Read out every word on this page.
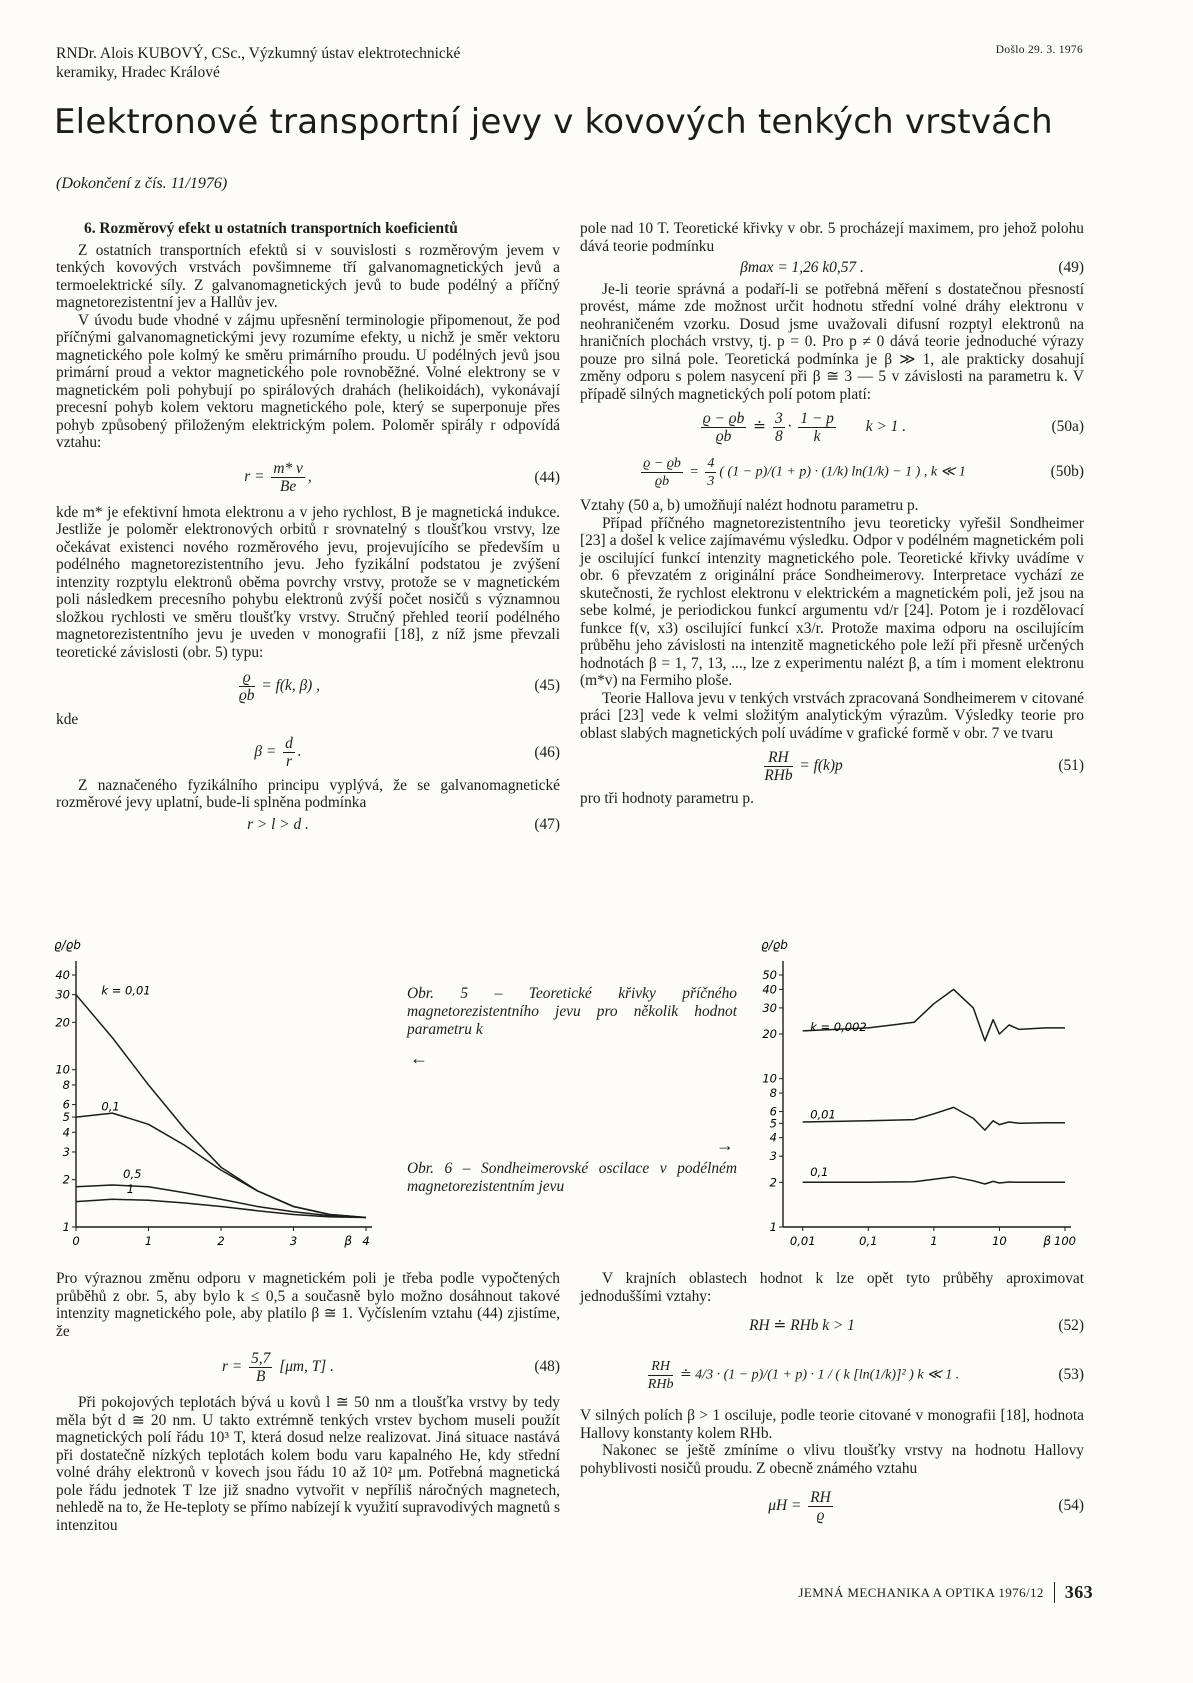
RNDr. Alois KUBOVÝ, CSc., Výzkumný ústav elektrotechnické
keramiky, Hradec Králové
Došlo 29. 3. 1976
Elektronové transportní jevy v kovových tenkých vrstvách
(Dokončení z čís. 11/1976)
6. Rozměrový efekt u ostatních transportních koeficientů

Z ostatních transportních efektů si v souvislosti s rozměrovým jevem v tenkých kovových vrstvách povšimneme tří galvanomagnetických jevů a termoelektrické síly. Z galvanomagnetických jevů to bude podélný a příčný magnetorezistentní jev a Hallův jev.

V úvodu bude vhodné v zájmu upřesnění terminologie připomenout, že pod příčnými galvanomagnetickými jevy rozumíme efekty, u nichž je směr vektoru magnetického pole kolmý ke směru primárního proudu. U podélných jevů jsou primární proud a vektor magnetického pole rovnoběžné. Volné elektrony se v magnetickém poli pohybují po spirálových drahách (helikoidách), vykonávají precesní pohyb kolem vektoru magnetického pole, který se superponuje přes pohyb způsobený přiloženým elektrickým polem. Poloměr spirály r odpovídá vztahu:

$r = \frac{m* v}{Be}$ ,	(44)

kde m* je efektivní hmota elektronu a v jeho rychlost, B je magnetická indukce. Jestliže je poloměr elektronových orbitů r srovnatelný s tloušťkou vrstvy, lze očekávat existenci nového rozměrového jevu, projevujícího se především u podélného magnetorezistentního jevu. Jeho fyzikální podstatou je zvýšení intenzity rozptylu elektronů oběma povrchy vrstvy, protože se v magnetickém poli následkem precesního pohybu elektronů zvýší počet nosičů s významnou složkou rychlosti ve směru tloušťky vrstvy. Stručný přehled teorií podélného magnetorezistentního jevu je uveden v monografii [18], z níž jsme převzali teoretické závislosti (obr. 5) typu:

$\frac{ϱ}{ϱb} = f(k$, β) ,	(45)

kde

$\beta = \frac{d}{r}$ .	(46)

Z naznačeného fyzikálního principu vyplývá, že se galvanomagnetické rozměrové jevy uplatní, bude-li splněna podmínka

r > l > d .	(47)

pole nad 10 T. Teoretické křivky v obr. 5 procházejí maximem, pro jehož polohu dává teorie podmínku

βmax = 1,26 k0,57 .	(49)

Je-li teorie správná a podaří-li se potřebná měření s dostatečnou přesností provést, máme zde možnost určit hodnotu střední volné dráhy elektronu v neohraničeném vzorku. Dosud jsme uvažovali difusní rozptyl elektronů na hraničních plochách vrstvy, tj. p = 0. Pro p ≠ 0 dává teorie jednoduché výrazy pouze pro silná pole. Teoretická podmínka je β ≫ 1, ale prakticky dosahují změny odporu s polem nasycení při β ≅ 3 — 5 v závislosti na parametru k. V případě silných magnetických polí potom platí:

$\frac{ϱ - ϱb}{ϱb}$ ≐ $\frac{3}{8} \cdot \frac{1 - p}{k}$ k > 1 .	(50a)
$\frac{ϱ - ϱb}{ϱb} = \frac{4}{3}$ ( (1 − p)/(1 + p) · (1/k) ln(1/k) − 1 ) , k ≪ 1	(50b)

Vztahy (50 a, b) umožňují nalézt hodnotu parametru p.

Případ příčného magnetorezistentního jevu teoreticky vyřešil Sondheimer [23] a došel k velice zajímavému výsledku. Odpor v podélném magnetickém poli je oscilující funkcí intenzity magnetického pole. Teoretické křivky uvádíme v obr. 6 převzatém z originální práce Sondheimerovy. Interpretace vychází ze skutečnosti, že rychlost elektronu v elektrickém a magnetickém poli, jež jsou na sebe kolmé, je periodickou funkcí argumentu vd/r [24]. Potom je i rozdělovací funkce f(v, x3) oscilující funkcí x3/r. Protože maxima odporu na oscilujícím průběhu jeho závislosti na intenzitě magnetického pole leží při přesně určených hodnotách β = 1, 7, 13, ..., lze z experimentu nalézt β, a tím i moment elektronu (m*v) na Fermiho ploše.

Teorie Hallova jevu v tenkých vrstvách zpracovaná Sondheimerem v citované práci [23] vede k velmi složitým analytickým výrazům. Výsledky teorie pro oblast slabých magnetických polí uvádíme v grafické formě v obr. 7 ve tvaru

$\frac{RH}{\text{RHb}} = f(k)p$	(51)

pro tři hodnoty parametru p.

ϱ/ϱb
1
2
3
4
5
6
8
10
20
30
40
0	1	2	3	4
β
k = 0,01
0,1
0,5
1
Obr. 5 – Teoretické křivky příčného magnetorezistentního jevu pro několik hodnot parametru k
←
→
Obr. 6 – Sondheimerovské oscilace v podélném magnetorezistentním jevu
ϱ/ϱb
1
2
3
4
5
6
8
10
20
30
40
50
0,01	0,1	1	10	100
β
k = 0,002
0,01
0,1

Pro výraznou změnu odporu v magnetickém poli je třeba podle vypočtených průběhů z obr. 5, aby bylo k ≤ 0,5 a současně bylo možno dosáhnout takové intenzity magnetického pole, aby platilo β ≅ 1. Vyčíslením vztahu (44) zjistíme, že

$r = \frac{5,7}{B} [\mu m$, T] .	(48)

Při pokojových teplotách bývá u kovů l ≅ 50 nm a tloušťka vrstvy by tedy měla být d ≅ 20 nm. U takto extrémně tenkých vrstev bychom museli použít magnetických polí řádu 10³ T, která dosud nelze realizovat. Jiná situace nastává při dostatečně nízkých teplotách kolem bodu varu kapalného He, kdy střední volné dráhy elektronů v kovech jsou řádu 10 až 10² μm. Potřebná magnetická pole řádu jednotek T lze již snadno vytvořit v nepříliš náročných magnetech, nehledě na to, že He-teploty se přímo nabízejí k využití supravodivých magnetů s intenzitou

V krajních oblastech hodnot k lze opět tyto průběhy aproximovat jednoduššími vztahy:

RH ≐ RHb k > 1	(52)
$\frac{RH}{\text{RHb}}$ ≐ 4/3 · (1 − p)/(1 + p) · 1 / ( k [ln(1/k)]² ) k ≪ 1 .	(53)

V silných polích β > 1 osciluje, podle teorie citované v monografii [18], hodnota Hallovy konstanty kolem RHb.

Nakonec se ještě zmíníme o vlivu tloušťky vrstvy na hodnotu Hallovy pohyblivosti nosičů proudu. Z obecně známého vztahu

$\mu H = \frac{RH}{ϱ}$	(54)
JEMNÁ MECHANIKA A OPTIKA 1976/12	363
